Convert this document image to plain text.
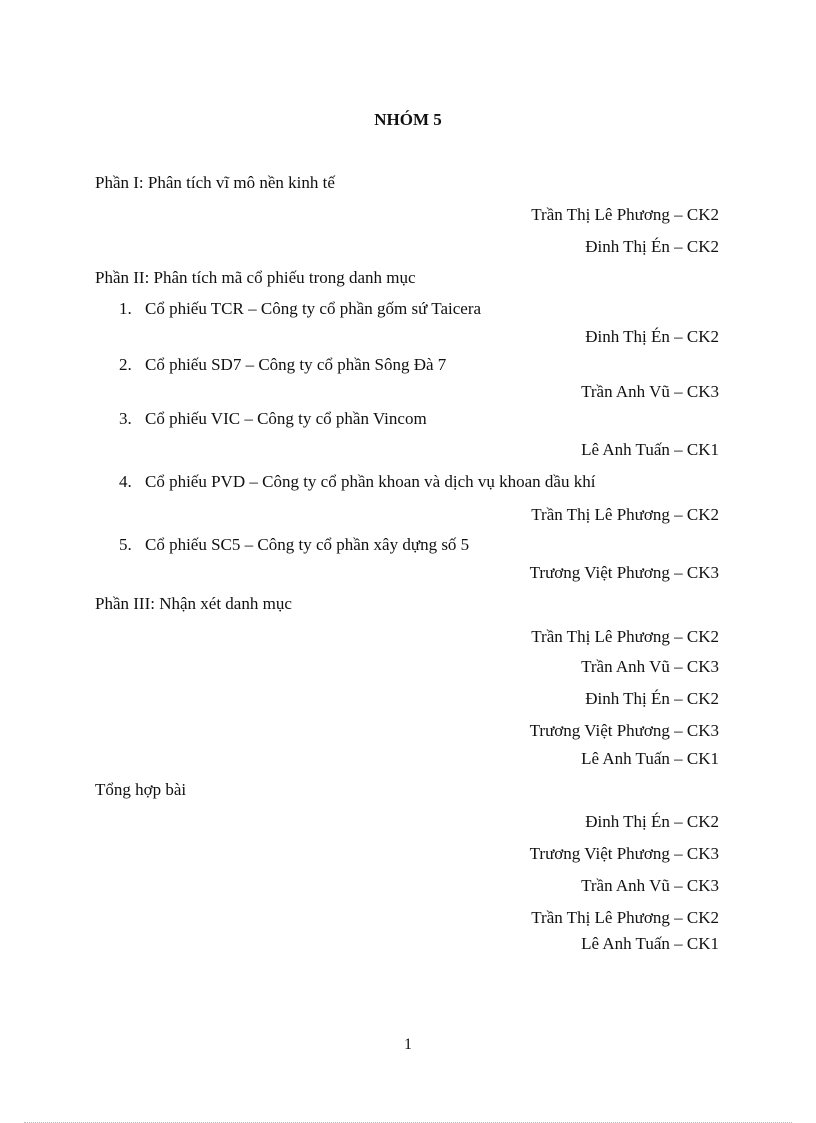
NHÓM 5
Phần I: Phân tích vĩ mô nền kinh tế
Trần Thị Lê Phương – CK2
Đinh Thị Én – CK2
Phần II: Phân tích mã cổ phiếu trong danh mục
1. Cổ phiếu TCR – Công ty cổ phần gốm sứ Taicera
Đinh Thị Én – CK2
2. Cổ phiếu SD7 – Công ty cổ phần Sông Đà 7
Trần Anh Vũ – CK3
3. Cổ phiếu VIC – Công ty cổ phần Vincom
Lê Anh Tuấn – CK1
4. Cổ phiếu PVD – Công ty cổ phần khoan và dịch vụ khoan dầu khí
Trần Thị Lê Phương – CK2
5. Cổ phiếu SC5 – Công ty cổ phần xây dựng số 5
Trương Việt Phương – CK3
Phần III: Nhận xét danh mục
Trần Thị Lê Phương – CK2
Trần Anh Vũ – CK3
Đinh Thị Én – CK2
Trương Việt Phương – CK3
Lê Anh Tuấn – CK1
Tổng hợp bài
Đinh Thị Én – CK2
Trương Việt Phương – CK3
Trần Anh Vũ – CK3
Trần Thị Lê Phương – CK2
Lê Anh Tuấn – CK1
1
